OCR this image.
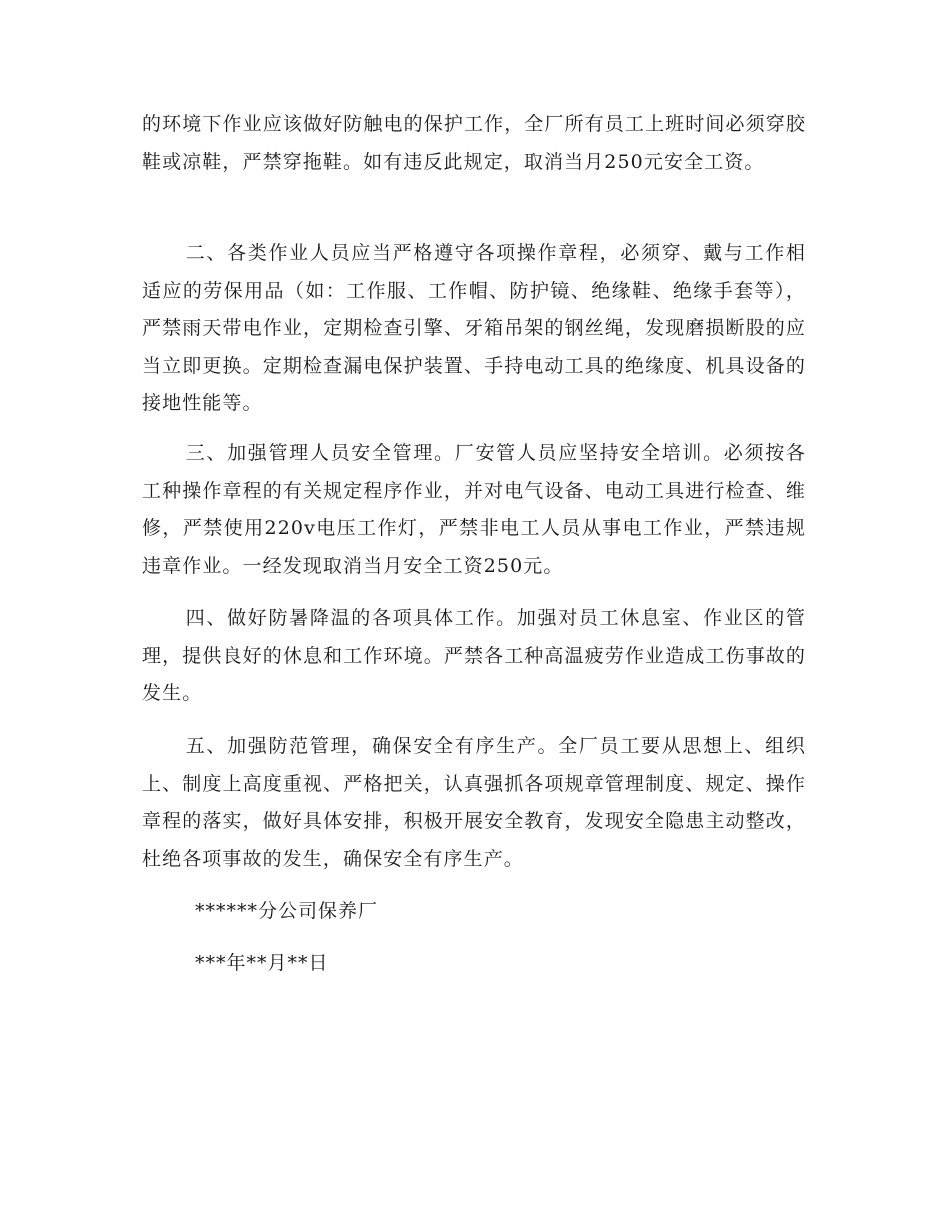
的环境下作业应该做好防触电的保护工作，全厂所有员工上班时间必须穿胶鞋或凉鞋，严禁穿拖鞋。如有违反此规定，取消当月250元安全工资。

二、各类作业人员应当严格遵守各项操作章程，必须穿、戴与工作相适应的劳保用品（如：工作服、工作帽、防护镜、绝缘鞋、绝缘手套等），严禁雨天带电作业，定期检查引擎、牙箱吊架的钢丝绳，发现磨损断股的应当立即更换。定期检查漏电保护装置、手持电动工具的绝缘度、机具设备的接地性能等。

三、加强管理人员安全管理。厂安管人员应坚持安全培训。必须按各工种操作章程的有关规定程序作业，并对电气设备、电动工具进行检查、维修，严禁使用220v电压工作灯，严禁非电工人员从事电工作业，严禁违规违章作业。一经发现取消当月安全工资250元。

四、做好防暑降温的各项具体工作。加强对员工休息室、作业区的管理，提供良好的休息和工作环境。严禁各工种高温疲劳作业造成工伤事故的发生。

五、加强防范管理，确保安全有序生产。全厂员工要从思想上、组织上、制度上高度重视、严格把关，认真强抓各项规章管理制度、规定、操作章程的落实，做好具体安排，积极开展安全教育，发现安全隐患主动整改，杜绝各项事故的发生，确保安全有序生产。

******分公司保养厂

***年**月**日
